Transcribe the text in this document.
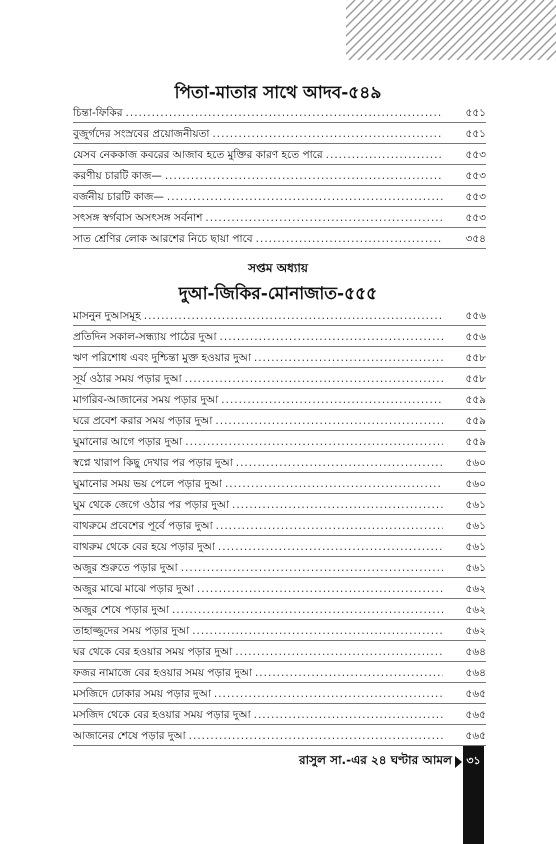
পিতা-মাতার সাথে আদব-৫৪৯
চিন্তা-ফিকির .....	৫৫১
বুজুর্গদের সংস্রবের প্রয়োজনীয়তা .....	৫৫১
যেসব নেককাজ কবরের আজাব হতে মুক্তির কারণ হতে পারে .....	৫৫৩
করণীয় চারটি কাজ— .....	৫৫৩
বর্জনীয় চারটি কাজ— .....	৫৫৩
সৎসঙ্গ স্বর্গবাস অসৎসঙ্গ সর্বনাশ .....	৫৫৩
সাত শ্রেণির লোক আরশের নিচে ছায়া পাবে .....	৩৫৪
সপ্তম অধ্যায়
দুআ-জিকির-মোনাজাত-৫৫৫
মাসনুন দুআসমূহ .....	৫৫৬
প্রতিদিন সকাল-সন্ধ্যায় পাঠের দুআ .....	৫৫৬
ঋণ পরিশোধ এবং দুশ্চিন্তা মুক্ত হওয়ার দুআ .....	৫৫৮
সূর্য ওঠার সময় পড়ার দুআ .....	৫৫৮
মাগরিব-আজানের সময় পড়ার দুআ .....	৫৫৯
ঘরে প্রবেশ করার সময় পড়ার দুআ .....	৫৫৯
ঘুমানোর আগে পড়ার দুআ .....	৫৫৯
স্বপ্নে খারাপ কিছু দেখার পর পড়ার দুআ .....	৫৬০
ঘুমানোর সময় ভয় পেলে পড়ার দুআ .....	৫৬০
ঘুম থেকে জেগে ওঠার পর পড়ার দুআ .....	৫৬১
বাথরুমে প্রবেশের পূর্বে পড়ার দুআ .....	৫৬১
বাথরুম থেকে বের হয়ে পড়ার দুআ .....	৫৬১
অজুর শুরুতে পড়ার দুআ .....	৫৬১
অজুর মাঝে মাঝে পড়ার দুআ .....	৫৬২
অজুর শেষে পড়ার দুআ .....	৫৬২
তাহাজ্জুদের সময় পড়ার দুআ .....	৫৬২
ঘর থেকে বের হওয়ার সময় পড়ার দুআ .....	৫৬৪
ফজর নামাজে বের হওয়ার সময় পড়ার দুআ .....	৫৬৪
মসজিদে ঢোকার সময় পড়ার দুআ .....	৫৬৫
মসজিদ থেকে বের হওয়ার সময় পড়ার দুআ .....	৫৬৫
আজানের শেষে পড়ার দুআ .....	৫৬৫
রাসুল সা.-এর ২৪ ঘণ্টার আমল	৩১
